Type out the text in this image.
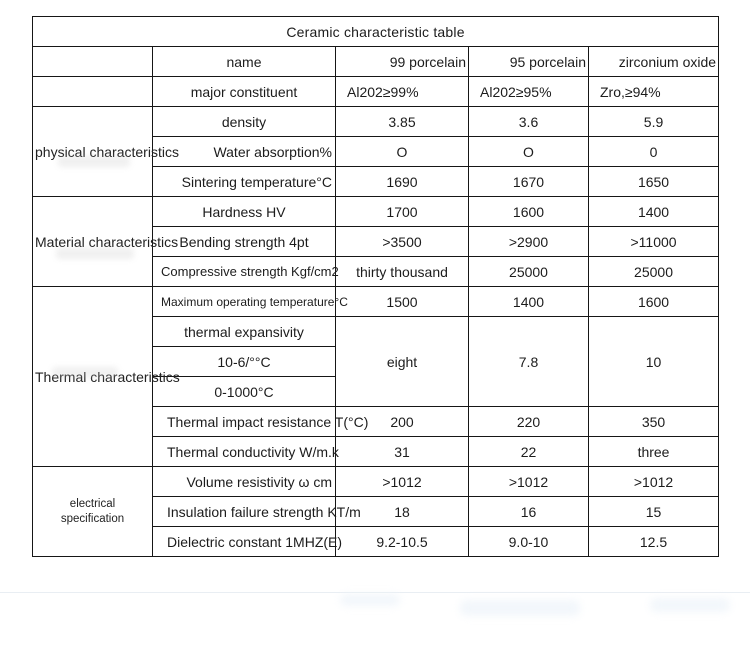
Ceramic characteristic table				
	name	99 porcelain	95 porcelain	zirconium oxide
	major constituent	Al202≥99%	Al202≥95%	Zro,≥94%
physical characteristics	density	3.85	3.6	5.9
	Water absorption%	O	O	0
	Sintering temperature°C	1690	1670	1650
Material characteristics	Hardness HV	1700	1600	1400
	Bending strength 4pt	>3500	>2900	>11000
	Compressive strength Kgf/cm2	thirty thousand	25000	25000
Thermal characteristics	Maximum operating temperature°C	1500	1400	1600
	thermal expansivity	eight	7.8	10
	10-6/°°C			
	0-1000°C			
	Thermal impact resistance T(°C)	200	220	350
	Thermal conductivity W/m.k	31	22	three

electrical
specification	Volume resistivity ω cm	>1012	>1012	>1012
	Insulation failure strength KT/m	18	16	15
	Dielectric constant 1MHZ(E)	9.2-10.5	9.0-10	12.5
